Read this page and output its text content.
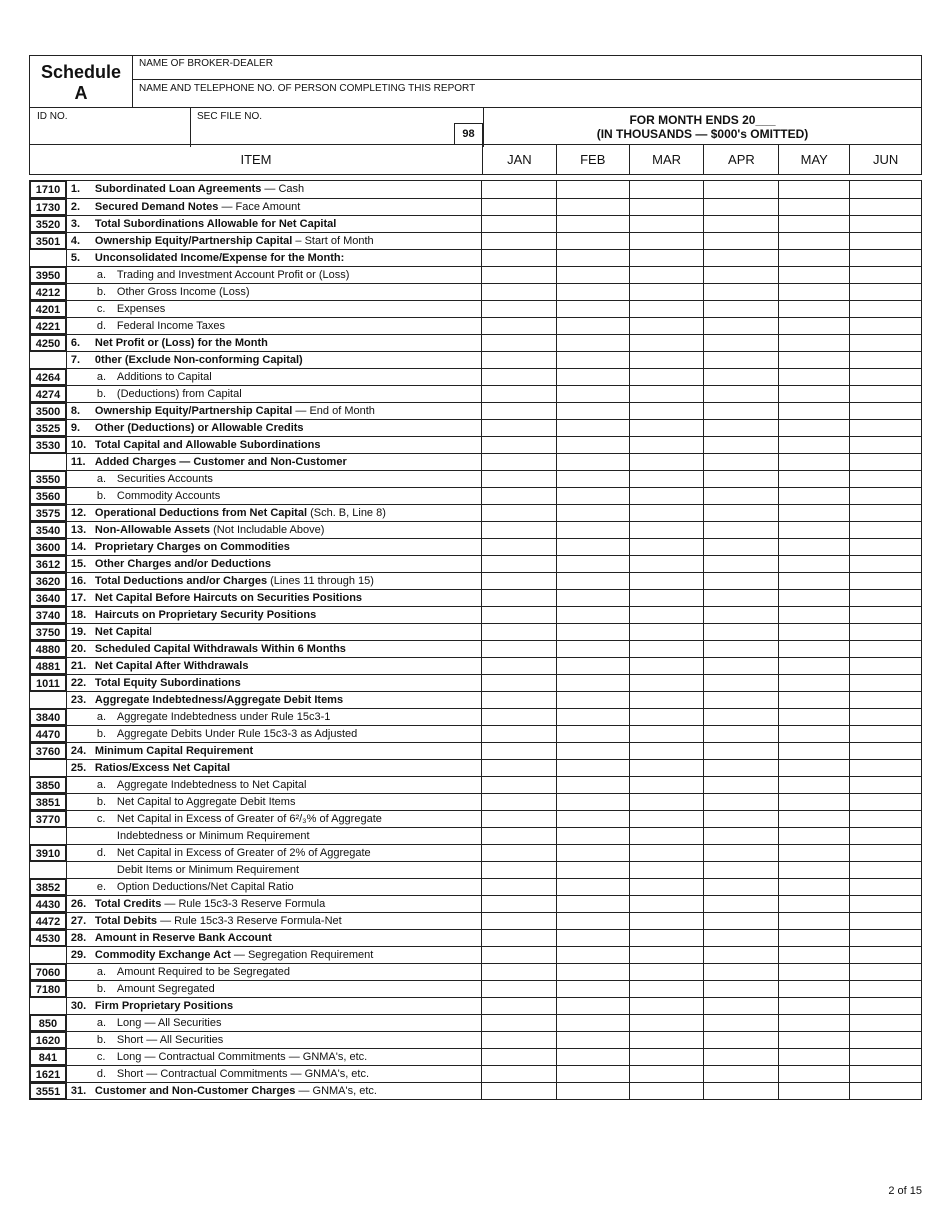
Schedule
A
NAME OF BROKER-DEALER
NAME AND TELEPHONE NO. OF PERSON COMPLETING THIS REPORT
ID NO.	SEC FILE NO.
98
FOR MONTH ENDS 20___
(IN THOUSANDS — $000's OMITTED)
ITEM	JAN	FEB	MAR	APR	MAY	JUN
1710 1.	Subordinated Loan Agreements — Cash
1730 2.	Secured Demand Notes — Face Amount
3520 3.	Total Subordinations Allowable for Net Capital
3501 4.	Ownership Equity/Partnership Capital – Start of Month
5.	Unconsolidated Income/Expense for the Month:
3950	a. Trading and Investment Account Profit or (Loss)
4212	b. Other Gross Income (Loss)
4201	c. Expenses
4221	d. Federal Income Taxes
4250 6.	Net Profit or (Loss) for the Month
7.	0ther (Exclude Non-conforming Capital)
4264	a. Additions to Capital
4274	b. (Deductions) from Capital
3500 8.	Ownership Equity/Partnership Capital — End of Month
3525 9.	Other (Deductions) or Allowable Credits
3530 10. Total Capital and Allowable Subordinations
11. Added Charges — Customer and Non-Customer
3550	a. Securities Accounts
3560	b. Commodity Accounts
3575 12. Operational Deductions from Net Capital (Sch. B, Line 8)
3540 13. Non-Allowable Assets (Not Includable Above)
3600 14. Proprietary Charges on Commodities
3612 15. Other Charges and/or Deductions
3620 16. Total Deductions and/or Charges (Lines 11 through 15)
3640 17. Net Capital Before Haircuts on Securities Positions
3740 18. Haircuts on Proprietary Security Positions
3750 19. Net Capital
4880 20. Scheduled Capital Withdrawals Within 6 Months
4881 21. Net Capital After Withdrawals
1011	22. Total Equity Subordinations
23. Aggregate Indebtedness/Aggregate Debit Items
3840	a. Aggregate Indebtedness under Rule 15c3-1
4470	b. Aggregate Debits Under Rule 15c3-3 as Adjusted
3760 24. Minimum Capital Requirement
25. Ratios/Excess Net Capital
3850	a. Aggregate Indebtedness to Net Capital
3851	b. Net Capital to Aggregate Debit Items
3770	c. Net Capital in Excess of Greater of 6²/₃% of Aggregate
Indebtedness or Minimum Requirement
3910	d. Net Capital in Excess of Greater of 2% of Aggregate
Debit Items or Minimum Requirement
3852	e. Option Deductions/Net Capital Ratio
4430 26. Total Credits — Rule 15c3-3 Reserve Formula
4472 27. Total Debits — Rule 15c3-3 Reserve Formula-Net
4530 28. Amount in Reserve Bank Account
29. Commodity Exchange Act — Segregation Requirement
7060	a. Amount Required to be Segregated
7180	b. Amount Segregated
30. Firm Proprietary Positions
850	a. Long — All Securities
1620	b. Short — All Securities
841	c. Long — Contractual Commitments — GNMA's, etc.
1621	d. Short — Contractual Commitments — GNMA's, etc.
3551 31. Customer and Non-Customer Charges — GNMA's, etc.
2 of 15
